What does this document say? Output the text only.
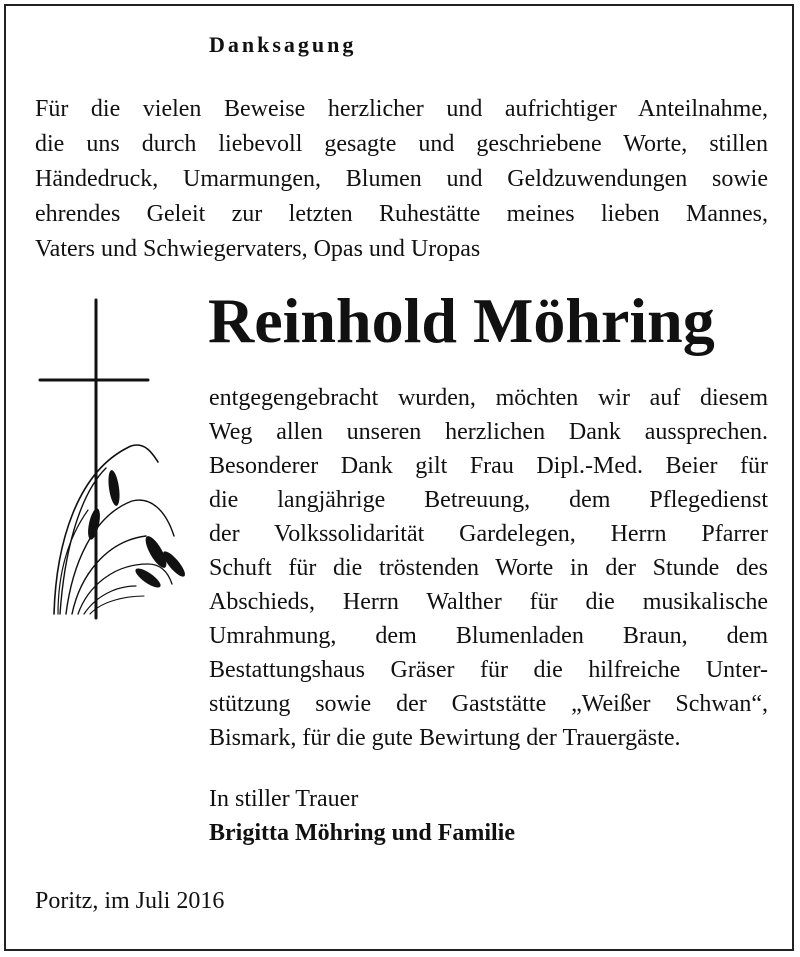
Danksagung
Für die vielen Beweise herzlicher und aufrichtiger Anteilnahme,
die uns durch liebevoll gesagte und geschriebene Worte, stillen
Händedruck, Umarmungen, Blumen und Geldzuwendungen sowie
ehrendes Geleit zur letzten Ruhestätte meines lieben Mannes,
Vaters und Schwiegervaters, Opas und Uropas
Reinhold Möhring
entgegengebracht wurden, möchten wir auf diesem
Weg allen unseren herzlichen Dank aussprechen.
Besonderer Dank gilt Frau Dipl.-Med. Beier für
die langjährige Betreuung, dem Pflegedienst
der Volkssolidarität Gardelegen, Herrn Pfarrer
Schuft für die tröstenden Worte in der Stunde des
Abschieds, Herrn Walther für die musikalische
Umrahmung, dem Blumenladen Braun, dem
Bestattungshaus Gräser für die hilfreiche Unter-
stützung sowie der Gaststätte „Weißer Schwan“,
Bismark, für die gute Bewirtung der Trauergäste.
In stiller Trauer
Brigitta Möhring und Familie
Poritz, im Juli 2016
